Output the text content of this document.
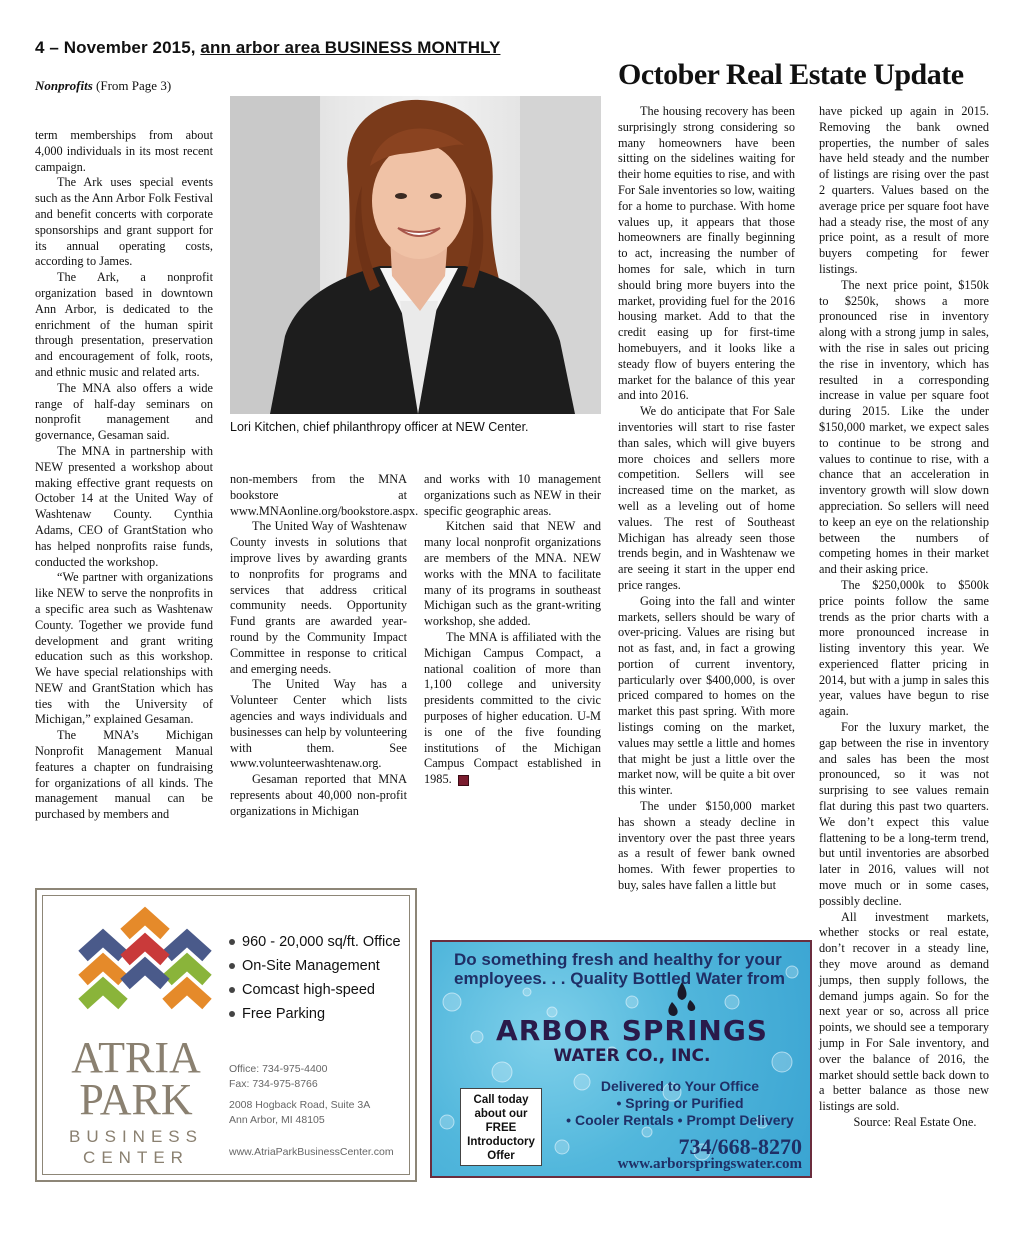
4 – November 2015, ann arbor area BUSINESS MONTHLY
Nonprofits (From Page 3)	October Real Estate Update
Lori Kitchen, chief philanthropy officer at NEW Center.

term memberships from about 4,000 individuals in its most recent campaign.

The Ark uses special events such as the Ann Arbor Folk Festival and benefit concerts with corporate sponsorships and grant support for its annual operating costs, according to James.

The Ark, a nonprofit organization based in downtown Ann Arbor, is dedicated to the enrichment of the human spirit through presentation, preservation and encouragement of folk, roots, and ethnic music and related arts.

The MNA also offers a wide range of half-day seminars on nonprofit management and governance, Gesaman said.

The MNA in partnership with NEW presented a workshop about making effective grant requests on October 14 at the United Way of Washtenaw County. Cynthia Adams, CEO of GrantStation who has helped nonprofits raise funds, conducted the workshop.

“We partner with organizations like NEW to serve the nonprofits in a specific area such as Washtenaw County. Together we provide fund development and grant writing education such as this workshop. We have special relationships with NEW and GrantStation which has ties with the University of Michigan,” explained Gesaman.

The MNA’s Michigan Nonprofit Management Manual features a chapter on fundraising for organizations of all kinds. The management manual can be purchased by members and

non-members from the MNA bookstore at www.MNAonline.org/bookstore.aspx.

The United Way of Washtenaw County invests in solutions that improve lives by awarding grants to nonprofits for programs and services that address critical community needs. Opportunity Fund grants are awarded year-round by the Community Impact Committee in response to critical and emerging needs.

The United Way has a Volunteer Center which lists agencies and ways individuals and businesses can help by volunteering with them. See www.volunteerwashtenaw.org.

Gesaman reported that MNA represents about 40,000 non-profit organizations in Michigan

and works with 10 management organizations such as NEW in their specific geographic areas.

Kitchen said that NEW and many local nonprofit organizations are members of the MNA. NEW works with the MNA to facilitate many of its programs in southeast Michigan such as the grant-writing workshop, she added.

The MNA is affiliated with the Michigan Campus Compact, a national coalition of more than 1,100 college and university presidents committed to the civic purposes of higher education. U-M is one of the five founding institutions of the Michigan Campus Compact established in 1985.

The housing recovery has been surprisingly strong considering so many homeowners have been sitting on the sidelines waiting for their home equities to rise, and with For Sale inventories so low, waiting for a home to purchase. With home values up, it appears that those homeowners are finally beginning to act, increasing the number of homes for sale, which in turn should bring more buyers into the market, providing fuel for the 2016 housing market. Add to that the credit easing up for first-time homebuyers, and it looks like a steady flow of buyers entering the market for the balance of this year and into 2016.

We do anticipate that For Sale inventories will start to rise faster than sales, which will give buyers more choices and sellers more competition. Sellers will see increased time on the market, as well as a leveling out of home values. The rest of Southeast Michigan has already seen those trends begin, and in Washtenaw we are seeing it start in the upper end price ranges.

Going into the fall and winter markets, sellers should be wary of over-pricing. Values are rising but not as fast, and, in fact a growing portion of current inventory, particularly over $400,000, is over priced compared to homes on the market this past spring. With more listings coming on the market, values may settle a little and homes that might be just a little over the market now, will be quite a bit over this winter.

The under $150,000 market has shown a steady decline in inventory over the past three years as a result of fewer bank owned homes. With fewer properties to buy, sales have fallen a little but

have picked up again in 2015. Removing the bank owned properties, the number of sales have held steady and the number of listings are rising over the past 2 quarters. Values based on the average price per square foot have had a steady rise, the most of any price point, as a result of more buyers competing for fewer listings.

The next price point, $150k to $250k, shows a more pronounced rise in inventory along with a strong jump in sales, with the rise in sales out pricing the rise in inventory, which has resulted in a corresponding increase in value per square foot during 2015. Like the under $150,000 market, we expect sales to continue to be strong and values to continue to rise, with a chance that an acceleration in inventory growth will slow down appreciation. So sellers will need to keep an eye on the relationship between the numbers of competing homes in their market and their asking price.

The $250,000k to $500k price points follow the same trends as the prior charts with a more pronounced increase in listing inventory this year. We experienced flatter pricing in 2014, but with a jump in sales this year, values have begun to rise again.

For the luxury market, the gap between the rise in inventory and sales has been the most pronounced, so it was not surprising to see values remain flat during this past two quarters. We don’t expect this value flattening to be a long-term trend, but until inventories are absorbed later in 2016, values will not move much or in some cases, possibly decline.

All investment markets, whether stocks or real estate, don’t recover in a steady line, they move around as demand jumps, then supply follows, the demand jumps again. So for the next year or so, across all price points, we should see a temporary jump in For Sale inventory, and over the balance of 2016, the market should settle back down to a better balance as those new listings are sold.

Source: Real Estate One.

ATRIA
PARK
BUSINESS
CENTER
960 - 20,000 sq/ft. Office
On-Site Management
Comcast high-speed
Free Parking
Office: 734-975-4400
Fax: 734-975-8766
2008 Hogback Road, Suite 3A
Ann Arbor, MI 48105
www.AtriaParkBusinessCenter.com
Do something fresh and healthy for your
employees. . . Quality Bottled Water from
ARBOR SPRINGS
WATER CO., INC.
Delivered to Your Office
• Spring or Purified
• Cooler Rentals • Prompt Delivery
Call today
about our
FREE
Introductory
Offer	734/668-8270
www.arborspringswater.com
